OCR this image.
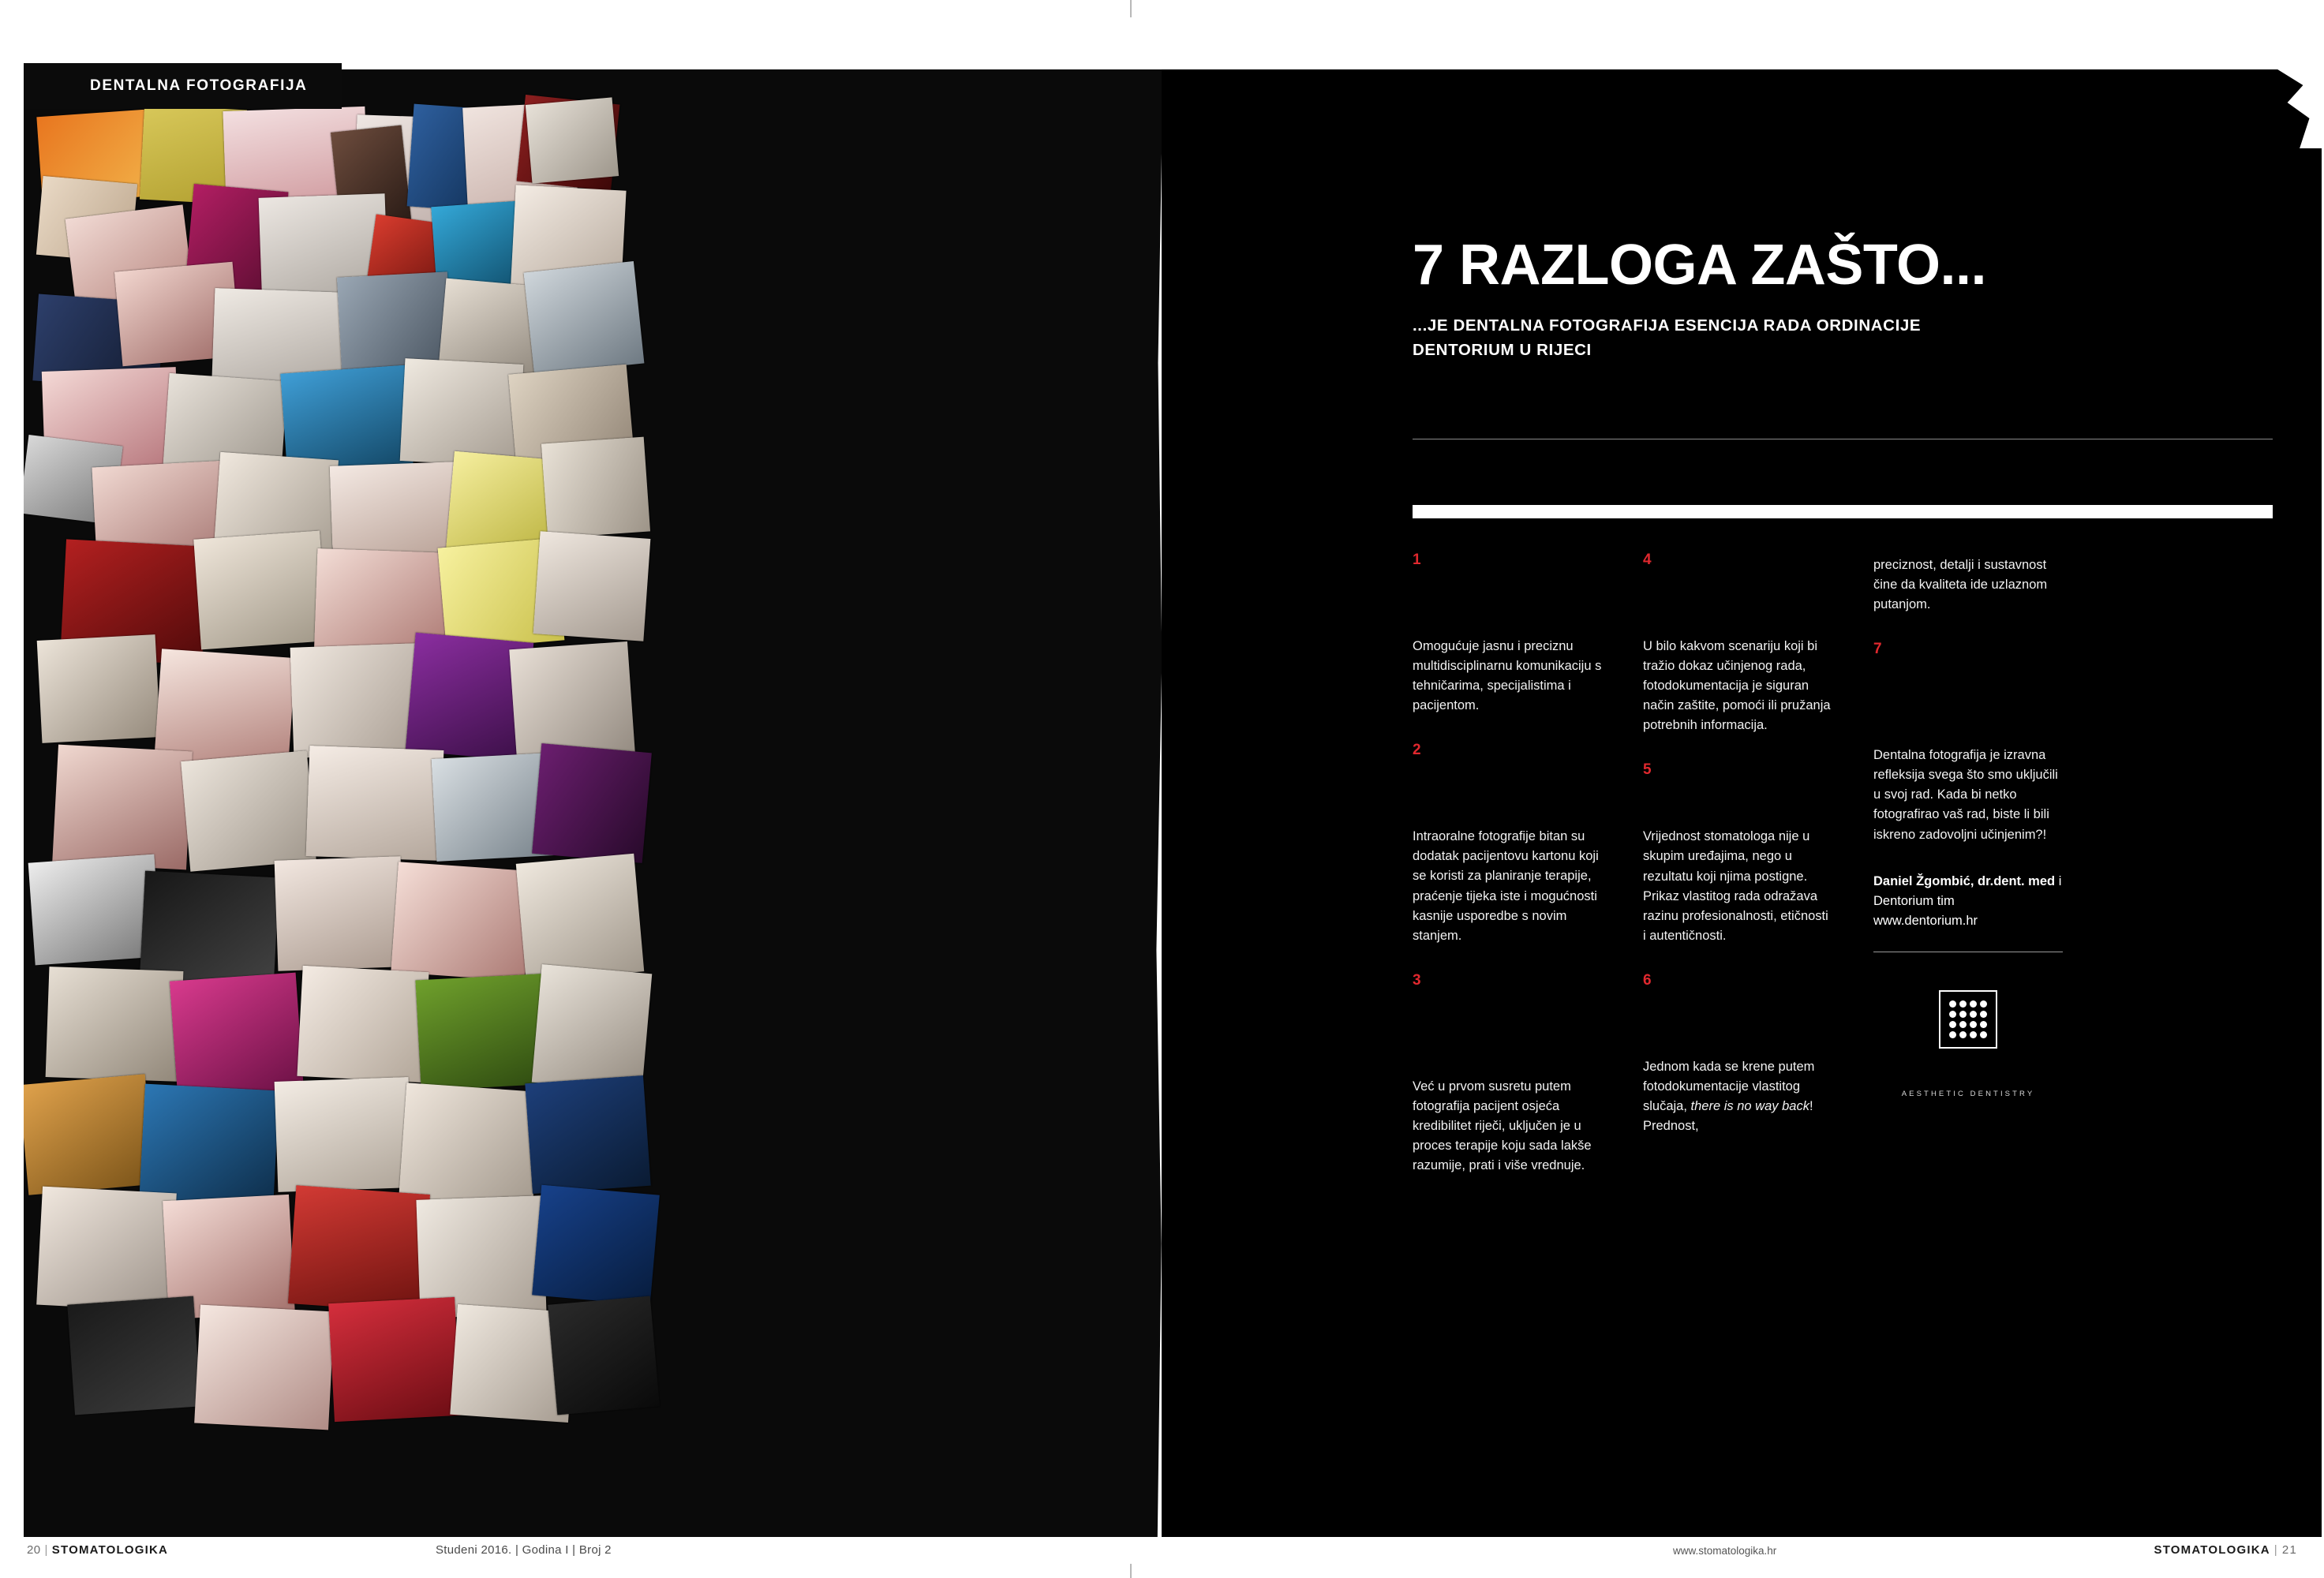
DENTALNA FOTOGRAFIJA
7 RAZLOGA ZAŠTO...

...JE DENTALNA FOTOGRAFIJA ESENCIJA RADA ORDINACIJE DENTORIUM U RIJECI

1

VIZUALNA KOMUNIKACIJA

Omogućuje jasnu i preciznu multidisciplinarnu komunikaciju s tehničarima, specijalistima i pacijentom.

2

DIJAGNOZA I PLAN TRETMANA

Intraoralne fotografije bitan su dodatak pacijentovu kartonu koji se koristi za planiranje terapije, praćenje tijeka iste i mogućnosti kasnije usporedbe s novim stanjem.

3

KVALITETNIJA KOMUNIKACIJA I EDUKACIJA PACIJENTA

Već u prvom susretu putem fotografija pacijent osjeća kredibilitet riječi, uključen je u proces terapije koju sada lakše razumije, prati i više vrednuje.

4

LEGALNA DOKUMENTACIJA

U bilo kakvom scenariju koji bi tražio dokaz učinjenog rada, fotodokumentacija je siguran način zaštite, pomoći ili pružanja potrebnih informacija.

5

AUTENTIČNOST

Vrijednost stomatologa nije u skupim uređajima, nego u rezultatu koji njima postigne. Prikaz vlastitog rada odražava razinu profesionalnosti, etičnosti i autentičnosti.

6

SAMOEDUKACIJA I USAVRŠAVANJE

Jednom kada se krene putem fotodokumentacije vlastitog slučaja, there is no way back! Prednost,

preciznost, detalji i sustavnost čine da kvaliteta ide uzlaznom putanjom.

7

JEDINO PRIHVATLJIVO JEST DATI SVE OD SEBE

Dentalna fotografija je izravna refleksija svega što smo uključili u svoj rad. Kada bi netko fotografirao vaš rad, biste li bili iskreno zadovoljni učinjenim?!

Daniel Žgombić, dr.dent. med i Dentorium tim
www.dentorium.hr

DENTORIUM
AESTHETIC DENTISTRY
20 | STOMATOLOGIKA	Studeni 2016. | Godina I | Broj 2	www.stomatologika.hr	STOMATOLOGIKA | 21
